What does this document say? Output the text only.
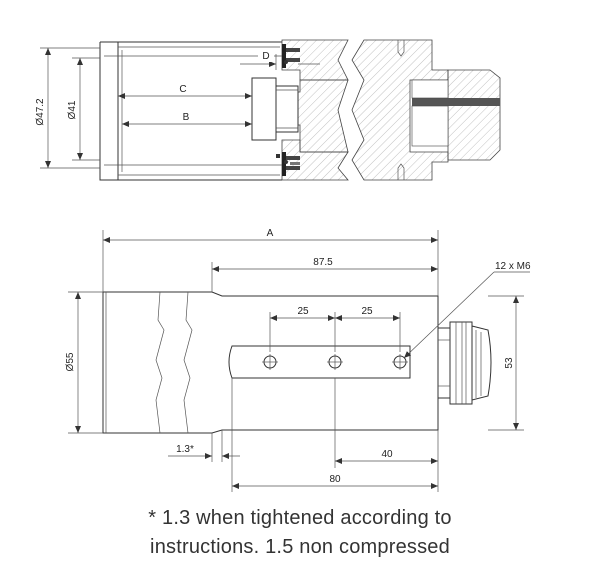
Ø47.2 Ø41
C
B
D
A
87.5	12 x M6
25	25
Ø55	53
1.3*	40
80
* 1.3 when tightened according to
instructions. 1.5 non compressed
